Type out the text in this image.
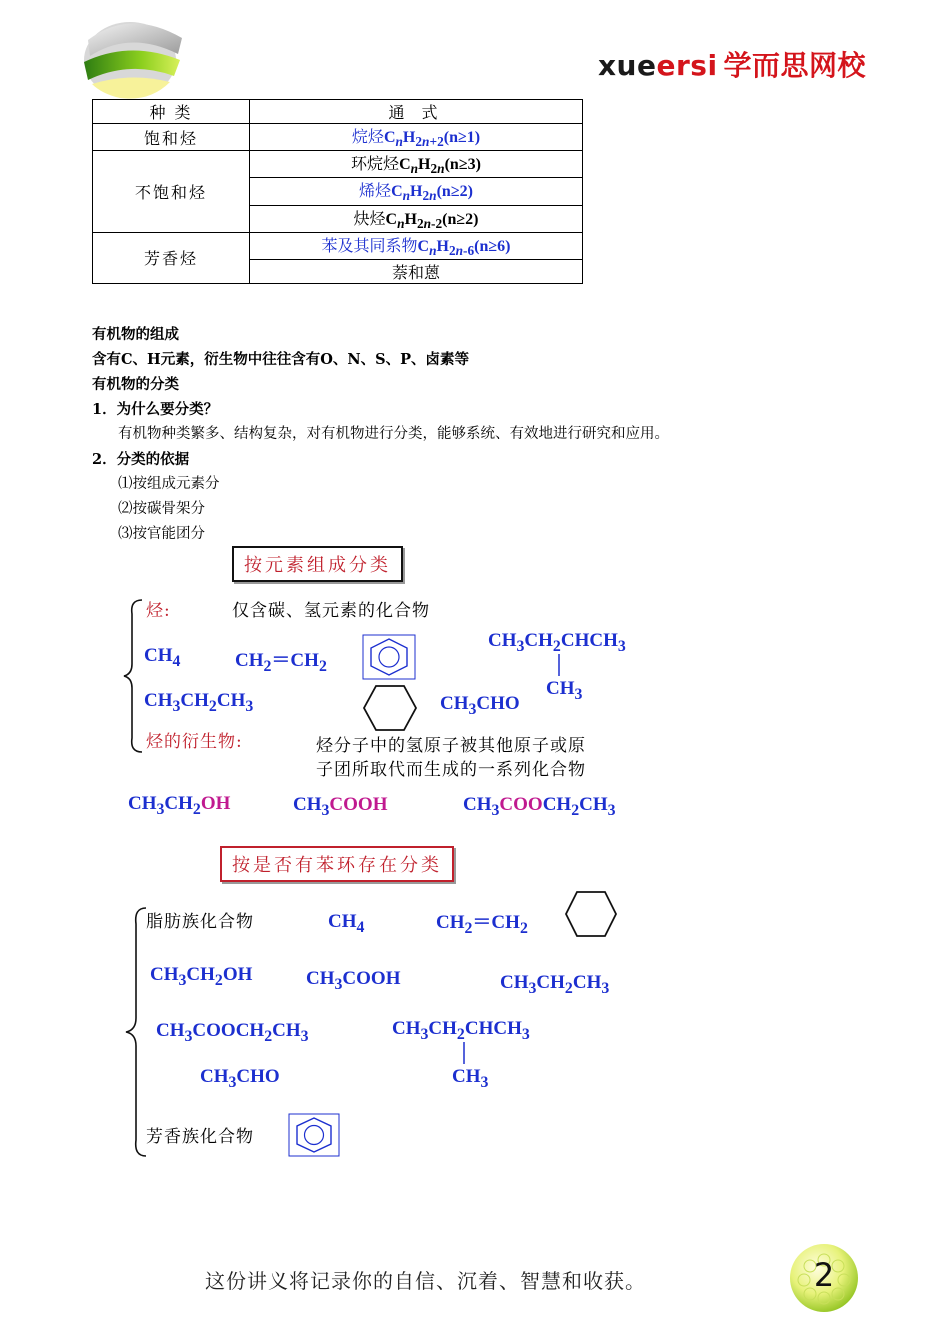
xueersi 学而思网校
种 类	通 式
饱和烃	烷烃$C_nH_{2n+2}(n\ge 1)$
不饱和烃	环烷烃$C_nH_{2n}(n\ge 3)$
	烯烃$C_nH_{2n}(n\ge 2)$
	炔烃$C_nH_{2n-2}(n\ge 2)$
芳香烃	苯及其同系物$C_nH_{2n-6}(n\ge 6)$
	萘和蒽
有机物的组成
含有C、H元素，衍生物中往往含有O、N、S、P、卤素等
有机物的分类
1．为什么要分类？
有机物种类繁多、结构复杂，对有机物进行分类，能够系统、有效地进行研究和应用。
2．分类的依据
⑴按组成元素分
⑵按碳骨架分
⑶按官能团分
按元素组成分类
烃:	仅含碳、氢元素的化合物
$CH_4$	$CH_2=CH_2$
$CH_3CH_2CHCH_3$
$CH_3$
$CH_3CH_2CH_3$	$CH_3CHO$
烃的衍生物:	烃分子中的氢原子被其他原子或原
子团所取代而生成的一系列化合物
$CH_3CH_2OH$	$CH_3COOH$	$CH_3COOCH_2CH_3$
按是否有苯环存在分类
脂肪族化合物	$CH_4$	$CH_2=CH_2$
$CH_3CH_2OH$	$CH_3COOH$	$CH_3CH_2CH_3$
$CH_3COOCH_2CH_3$	$CH_3CH_2CHCH_3$
$CH_3$
$CH_3CHO$
芳香族化合物
这份讲义将记录你的自信、沉着、智慧和收获。	2
